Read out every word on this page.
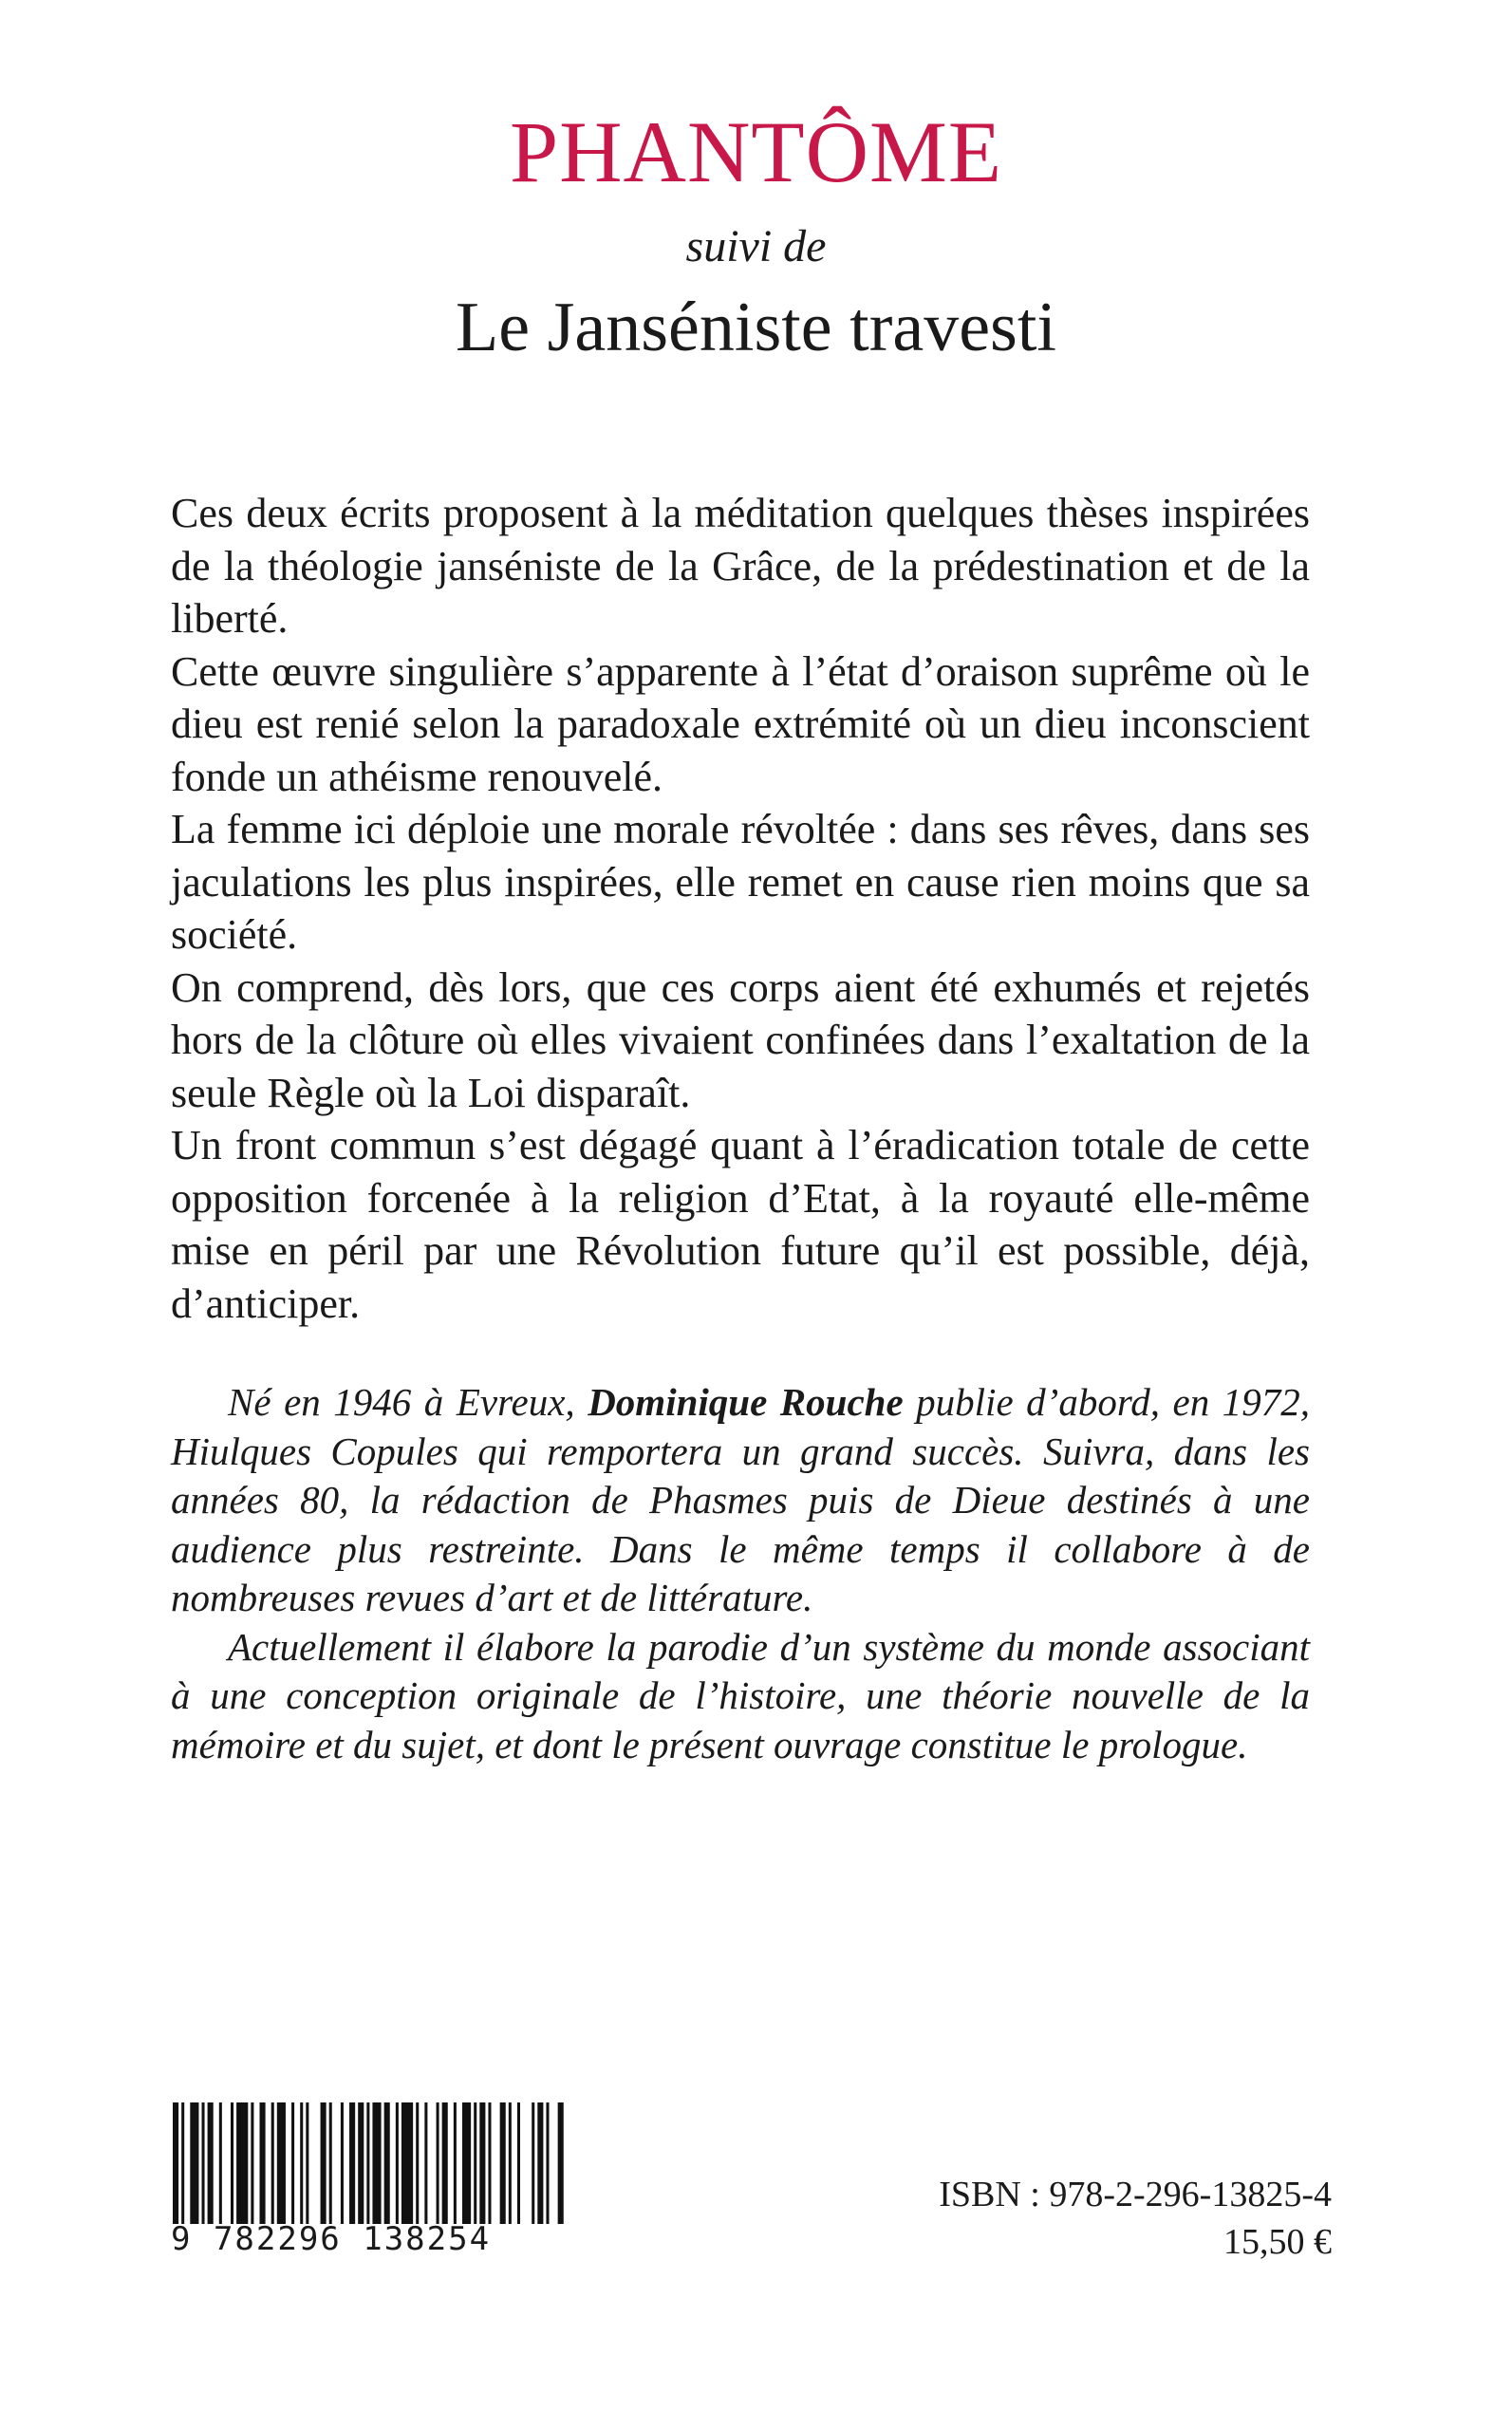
PHANTÔME
suivi de
Le Janséniste travesti

Ces deux écrits proposent à la méditation quelques thèses inspirées de la théologie janséniste de la Grâce, de la prédestination et de la liberté.

Cette œuvre singulière s’apparente à l’état d’oraison suprême où le dieu est renié selon la paradoxale extrémité où un dieu inconscient fonde un athéisme renouvelé.

La femme ici déploie une morale révoltée : dans ses rêves, dans ses jaculations les plus inspirées, elle remet en cause rien moins que sa société.

On comprend, dès lors, que ces corps aient été exhumés et rejetés hors de la clôture où elles vivaient confinées dans l’exaltation de la seule Règle où la Loi disparaît.

Un front commun s’est dégagé quant à l’éradication totale de cette opposition forcenée à la religion d’Etat, à la royauté elle-même mise en péril par une Révolution future qu’il est possible, déjà, d’anticiper.

Né en 1946 à Evreux, Dominique Rouche publie d’abord, en 1972, Hiulques Copules qui remportera un grand succès. Suivra, dans les années 80, la rédaction de Phasmes puis de Dieue destinés à une audience plus restreinte. Dans le même temps il collabore à de nombreuses revues d’art et de littérature.

Actuellement il élabore la parodie d’un système du monde associant à une conception originale de l’histoire, une théorie nouvelle de la mémoire et du sujet, et dont le présent ouvrage constitue le prologue.

9 782296 138254
ISBN : 978-2-296-13825-4
15,50 €
